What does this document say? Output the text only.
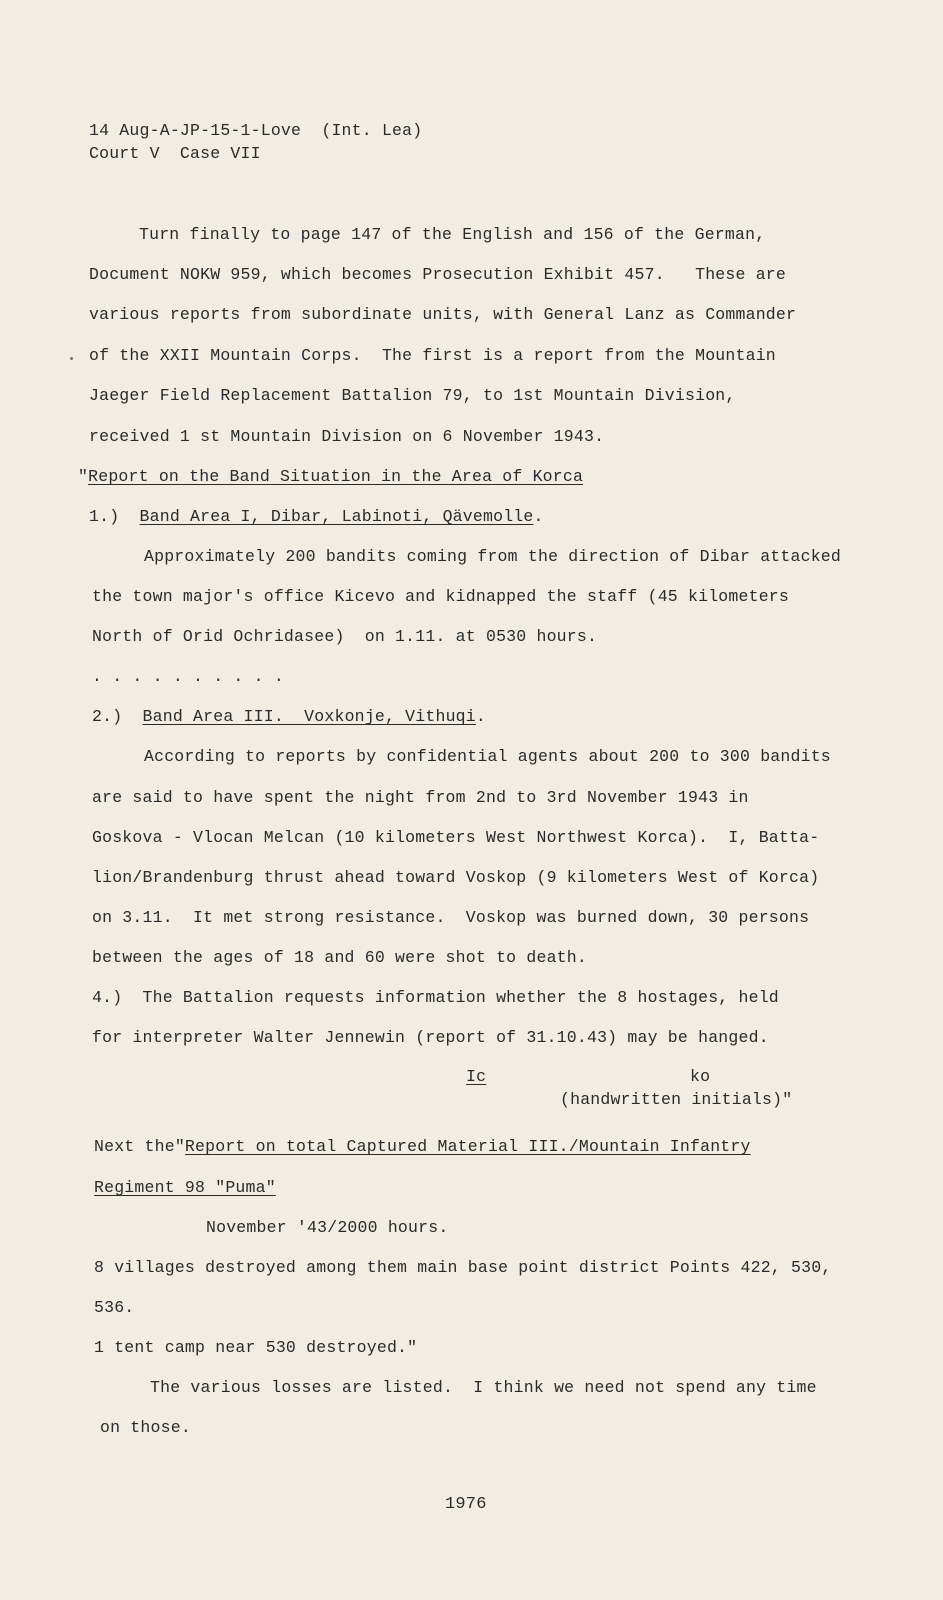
14 Aug-A-JP-15-1-Love  (Int. Lea)
Court V  Case VII
Turn finally to page 147 of the English and 156 of the German,
Document NOKW 959, which becomes Prosecution Exhibit 457.   These are
various reports from subordinate units, with General Lanz as Commander
of the XXII Mountain Corps.  The first is a report from the Mountain
Jaeger Field Replacement Battalion 79, to 1st Mountain Division,
received 1 st Mountain Division on 6 November 1943.
"Report on the Band Situation in the Area of Korca
1.) Band Area I, Dibar, Labinoti, Qävemolle.
Approximately 200 bandits coming from the direction of Dibar attacked
the town major's office Kicevo and kidnapped the staff (45 kilometers
North of Orid Ochridasee)  on 1.11. at 0530 hours.
. . . . . . . . . .
2.) Band Area III.  Voxkonje, Vithuqi.
According to reports by confidential agents about 200 to 300 bandits
are said to have spent the night from 2nd to 3rd November 1943 in
Goskova - Vlocan Melcan (10 kilometers West Northwest Korca).  I, Batta-
lion/Brandenburg thrust ahead toward Voskop (9 kilometers West of Korca)
on 3.11.  It met strong resistance.  Voskop was burned down, 30 persons
between the ages of 18 and 60 were shot to death.
4.)  The Battalion requests information whether the 8 hostages, held
for interpreter Walter Jennewin (report of 31.10.43) may be hanged.
Ic	ko
(handwritten initials)"
Next the"Report on total Captured Material III./Mountain Infantry
Regiment 98 "Puma"
November '43/2000 hours.
8 villages destroyed among them main base point district Points 422, 530,
536.
1 tent camp near 530 destroyed."
The various losses are listed.  I think we need not spend any time
on those.
1976
